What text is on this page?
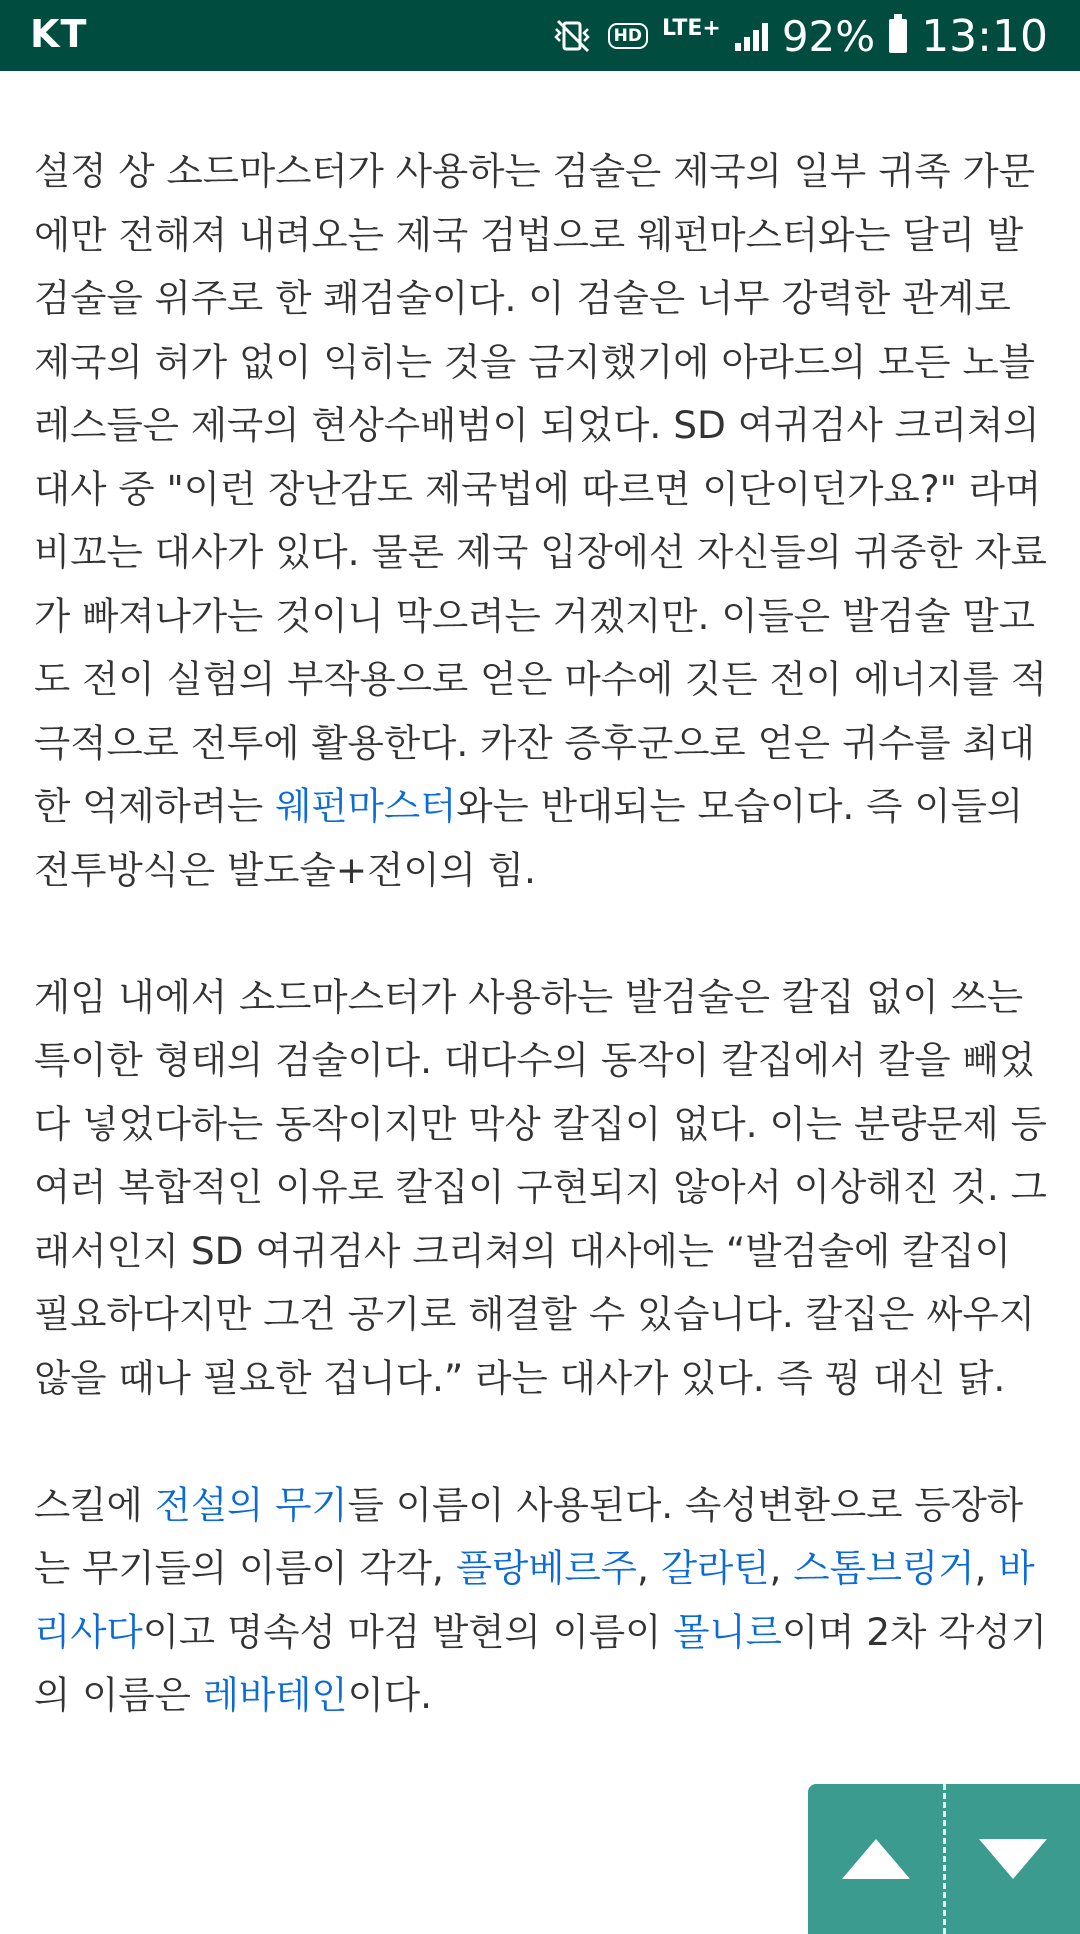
KT	HD LTE+ 92% 13:10

설정 상 소드마스터가 사용하는 검술은 제국의 일부 귀족 가문에만 전해져 내려오는 제국 검법으로 웨펀마스터와는 달리 발검술을 위주로 한 쾌검술이다. 이 검술은 너무 강력한 관계로 제국의 허가 없이 익히는 것을 금지했기에 아라드의 모든 노블레스들은 제국의 현상수배범이 되었다. SD 여귀검사 크리쳐의 대사 중 "이런 장난감도 제국법에 따르면 이단이던가요?" 라며 비꼬는 대사가 있다. 물론 제국 입장에선 자신들의 귀중한 자료가 빠져나가는 것이니 막으려는 거겠지만. 이들은 발검술 말고도 전이 실험의 부작용으로 얻은 마수에 깃든 전이 에너지를 적극적으로 전투에 활용한다. 카잔 증후군으로 얻은 귀수를 최대한 억제하려는 웨펀마스터와는 반대되는 모습이다. 즉 이들의 전투방식은 발도술+전이의 힘.

게임 내에서 소드마스터가 사용하는 발검술은 칼집 없이 쓰는 특이한 형태의 검술이다. 대다수의 동작이 칼집에서 칼을 빼었다 넣었다하는 동작이지만 막상 칼집이 없다. 이는 분량문제 등 여러 복합적인 이유로 칼집이 구현되지 않아서 이상해진 것. 그래서인지 SD 여귀검사 크리쳐의 대사에는 “발검술에 칼집이 필요하다지만 그건 공기로 해결할 수 있습니다. 칼집은 싸우지 않을 때나 필요한 겁니다.” 라는 대사가 있다. 즉 꿩 대신 닭.

스킬에 전설의 무기들 이름이 사용된다. 속성변환으로 등장하는 무기들의 이름이 각각, 플랑베르주, 갈라틴, 스톰브링거, 바리사다이고 명속성 마검 발현의 이름이 몰니르이며 2차 각성기의 이름은 레바테인이다.
